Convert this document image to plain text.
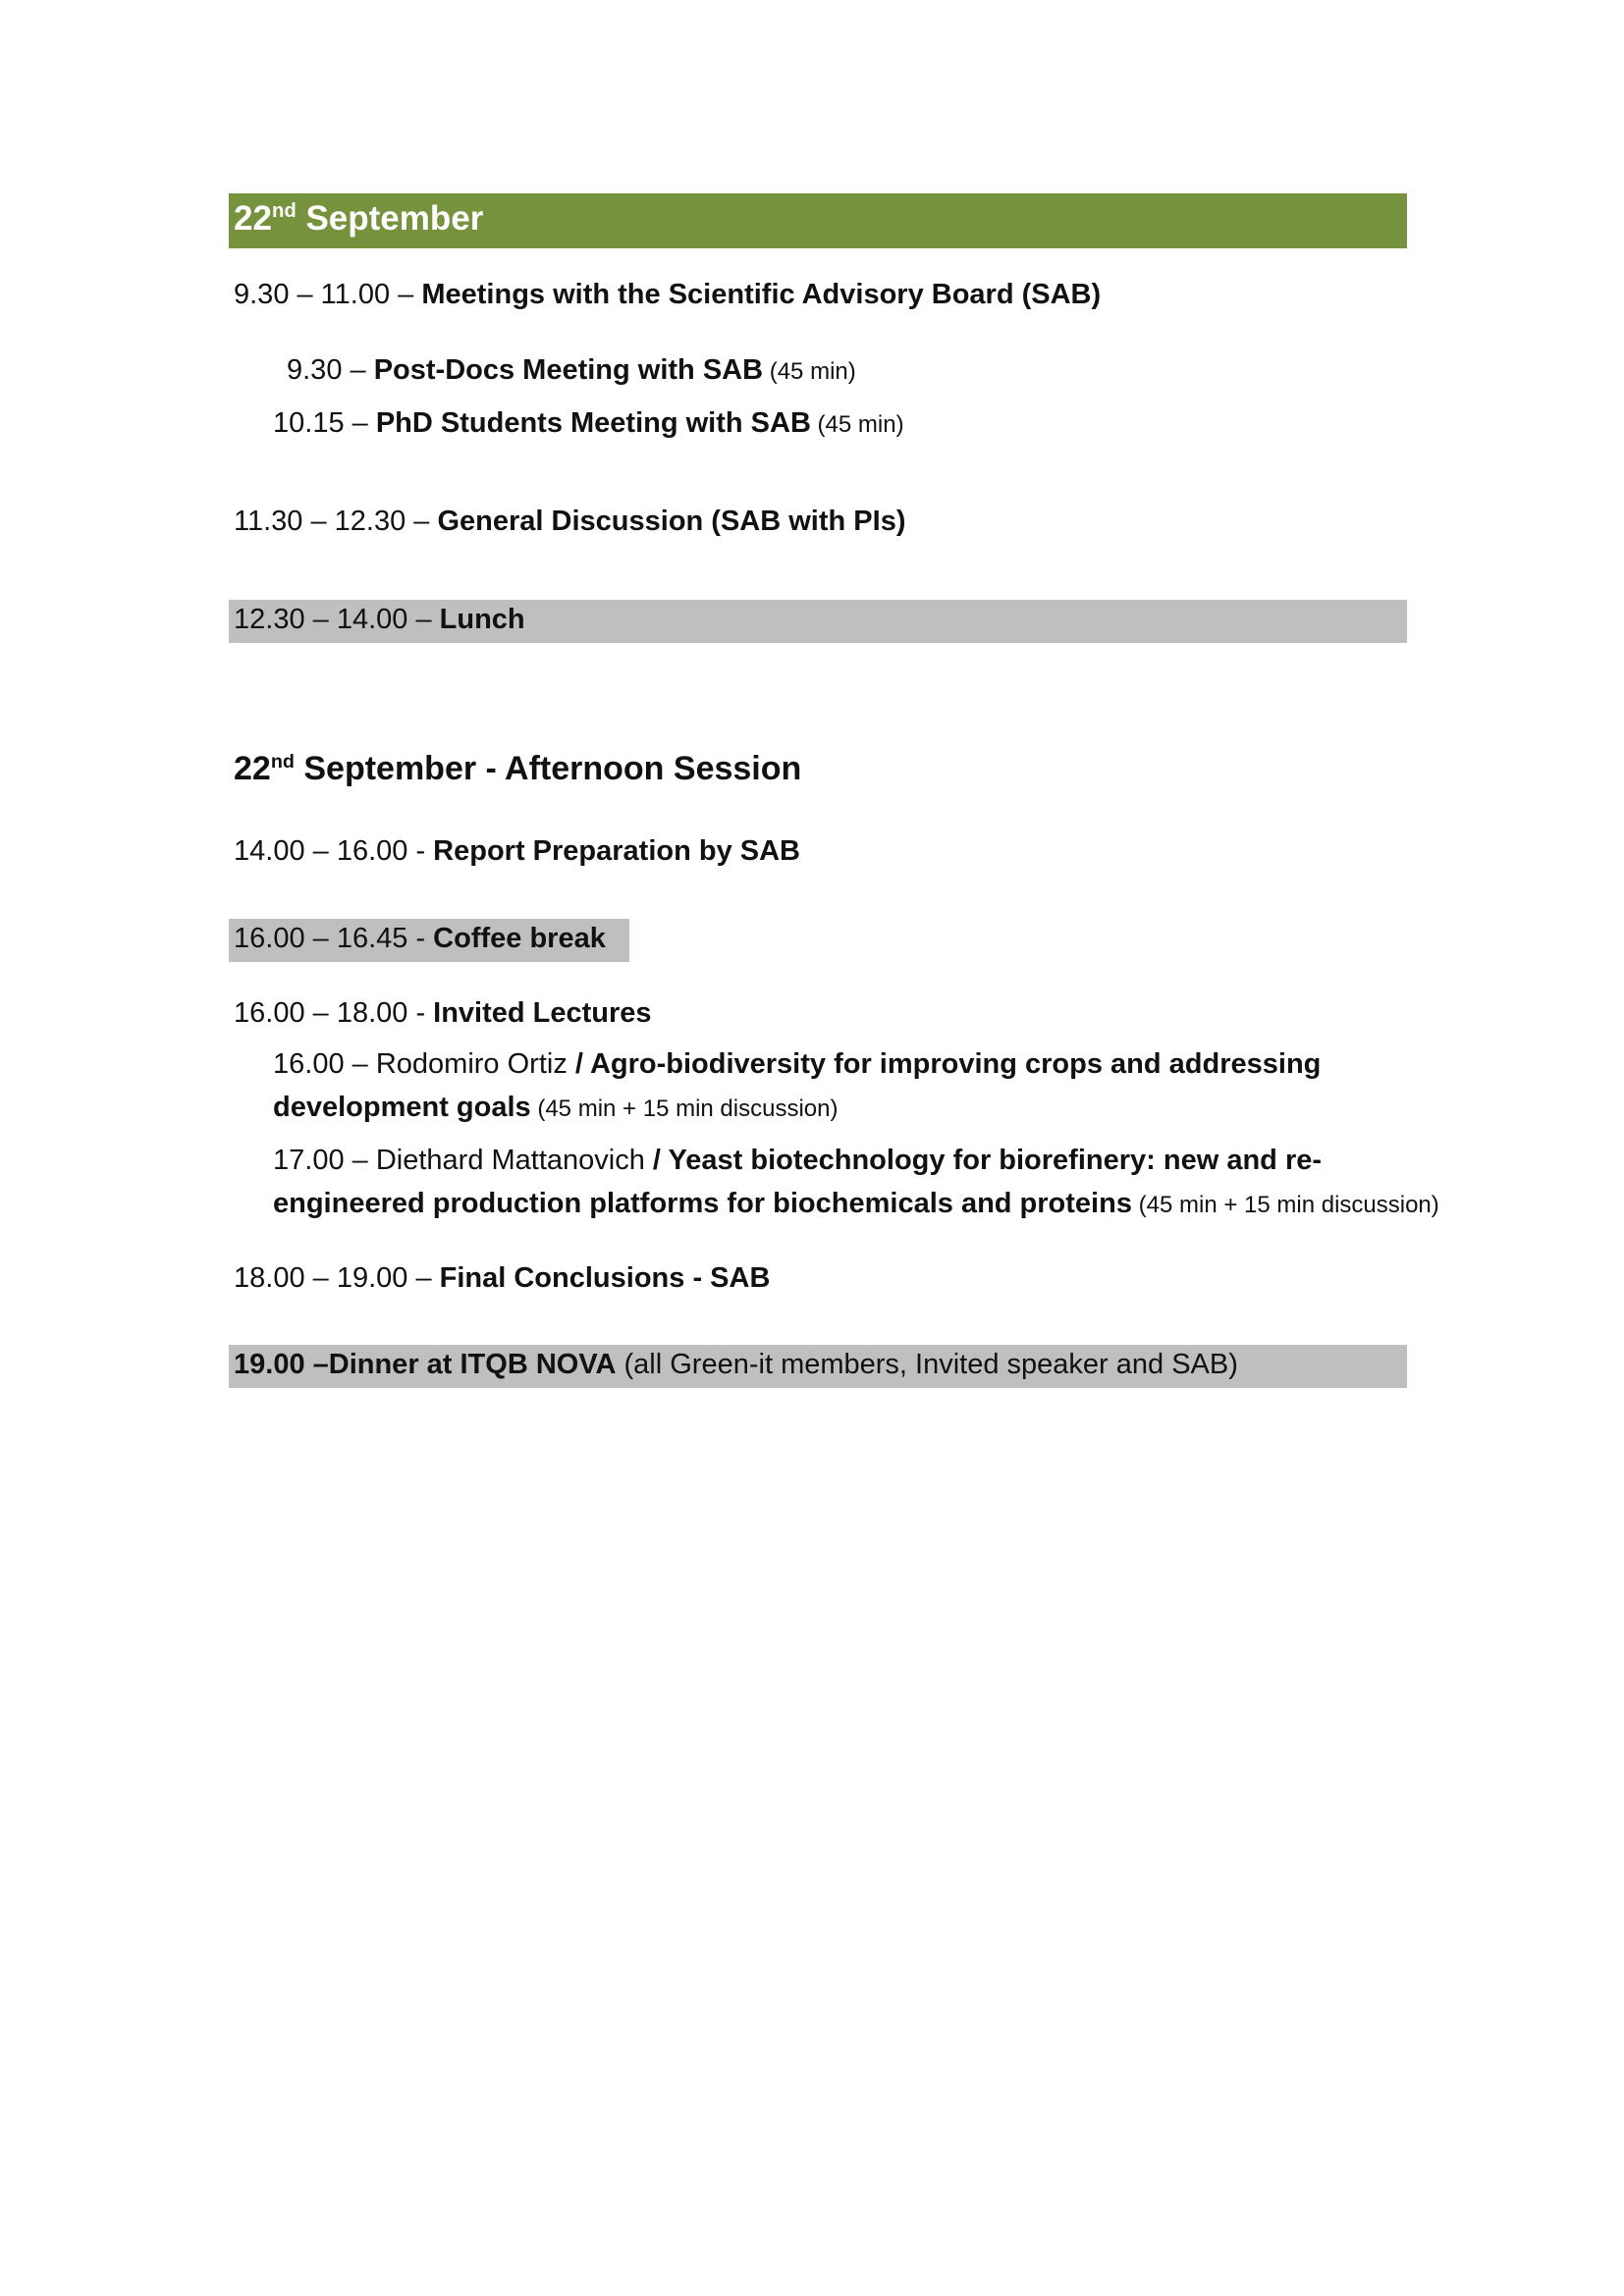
22nd September
9.30 – 11.00 – Meetings with the Scientific Advisory Board (SAB)
9.30 – Post-Docs Meeting with SAB (45 min)
10.15 – PhD Students Meeting with SAB (45 min)
11.30 – 12.30 – General Discussion (SAB with PIs)
12.30 – 14.00 – Lunch
22nd September - Afternoon Session
14.00 – 16.00 - Report Preparation by SAB
16.00 – 16.45 - Coffee break
16.00 – 18.00 - Invited Lectures
16.00 – Rodomiro Ortiz / Agro-biodiversity for improving crops and addressing
development goals (45 min + 15 min discussion)
17.00 – Diethard Mattanovich / Yeast biotechnology for biorefinery: new and re-
engineered production platforms for biochemicals and proteins (45 min + 15 min discussion)
18.00 – 19.00 – Final Conclusions - SAB
19.00 –Dinner at ITQB NOVA (all Green-it members, Invited speaker and SAB)
